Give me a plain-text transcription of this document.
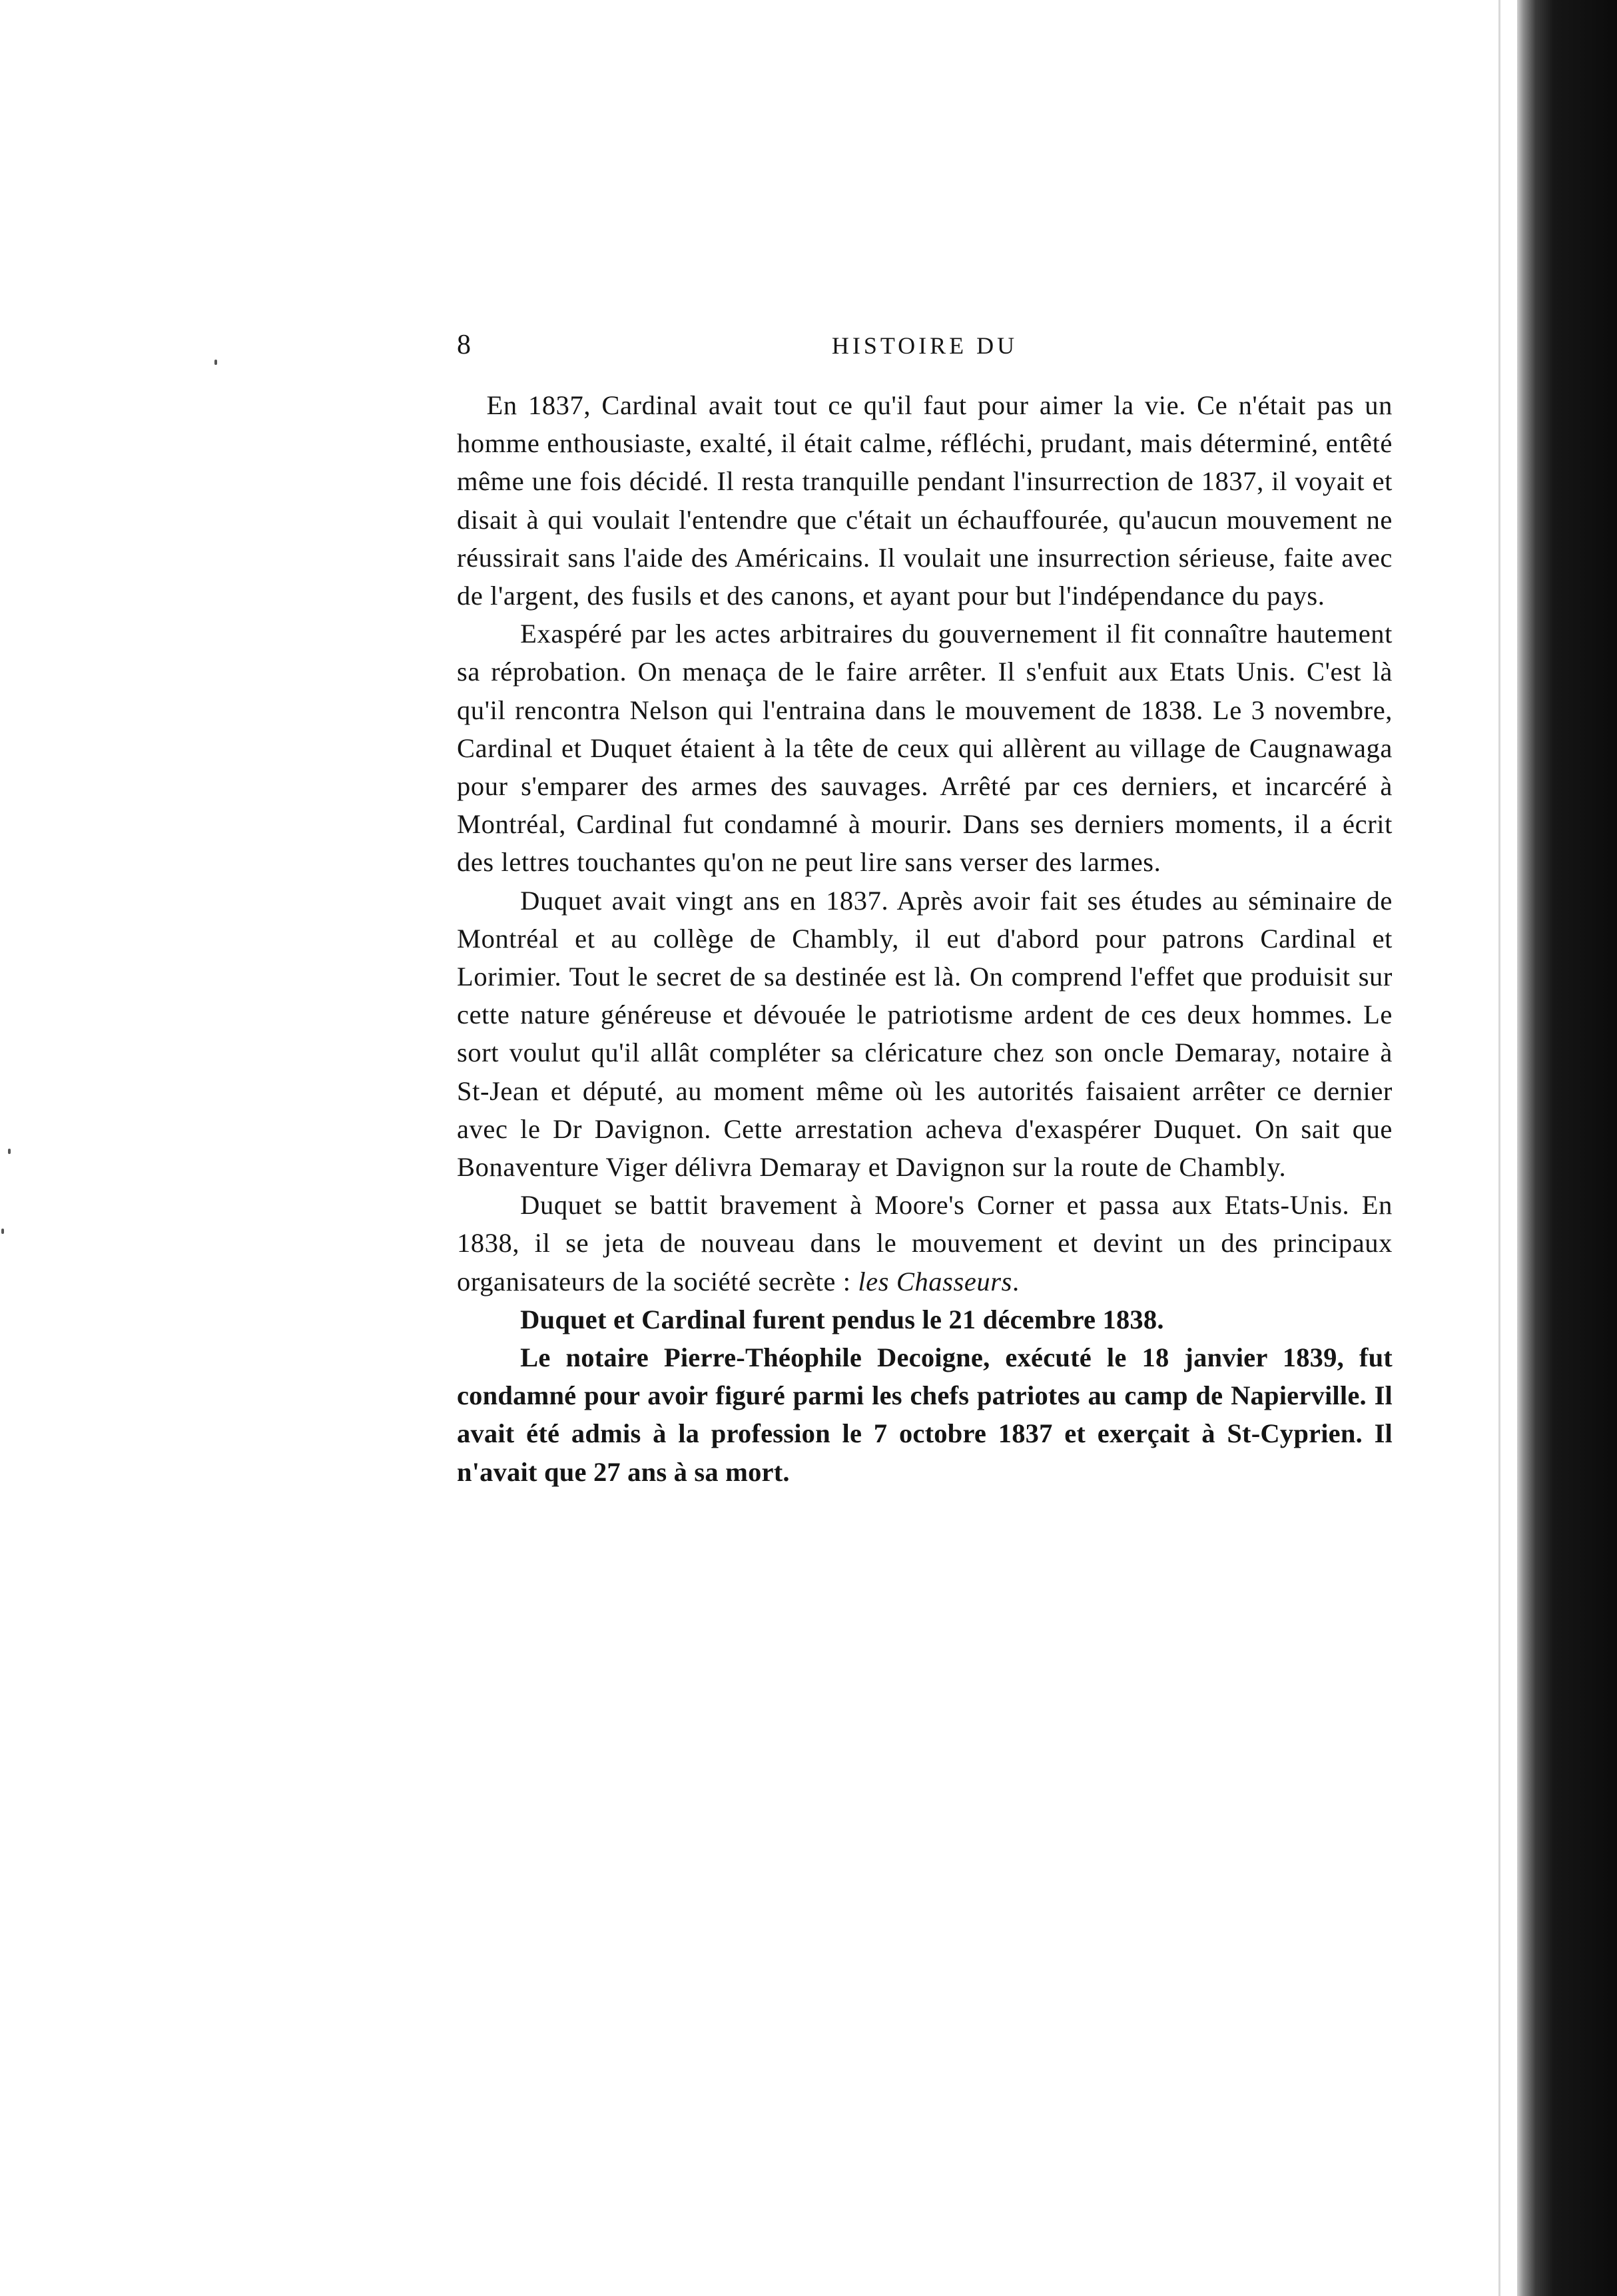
8	HISTOIRE DU

En 1837, Cardinal avait tout ce qu'il faut pour aimer la vie. Ce n'était pas un homme enthousiaste, exalté, il était calme, réfléchi, prudant, mais déterminé, entêté même une fois décidé. Il resta tranquille pendant l'insurrection de 1837, il voyait et disait à qui voulait l'entendre que c'était un échauffourée, qu'aucun mouvement ne réussirait sans l'aide des Américains. Il voulait une insurrection sérieuse, faite avec de l'argent, des fusils et des canons, et ayant pour but l'indépendance du pays.

Exaspéré par les actes arbitraires du gouvernement il fit connaître hautement sa réprobation. On menaça de le faire arrêter. Il s'enfuit aux Etats Unis. C'est là qu'il rencontra Nelson qui l'entraina dans le mouvement de 1838. Le 3 novembre, Cardinal et Duquet étaient à la tête de ceux qui allèrent au village de Caugnawaga pour s'emparer des armes des sauvages. Arrêté par ces derniers, et incarcéré à Montréal, Cardinal fut condamné à mourir. Dans ses derniers moments, il a écrit des lettres touchantes qu'on ne peut lire sans verser des larmes.

Duquet avait vingt ans en 1837. Après avoir fait ses études au séminaire de Montréal et au collège de Chambly, il eut d'abord pour patrons Cardinal et Lorimier. Tout le secret de sa destinée est là. On comprend l'effet que produisit sur cette nature généreuse et dévouée le patriotisme ardent de ces deux hommes. Le sort voulut qu'il allât compléter sa cléricature chez son oncle Demaray, notaire à St-Jean et député, au moment même où les autorités faisaient arrêter ce dernier avec le Dr Davignon. Cette arrestation acheva d'exaspérer Duquet. On sait que Bonaventure Viger délivra Demaray et Davignon sur la route de Chambly.

Duquet se battit bravement à Moore's Corner et passa aux Etats-Unis. En 1838, il se jeta de nouveau dans le mouvement et devint un des principaux organisateurs de la société secrète : les Chasseurs.

Duquet et Cardinal furent pendus le 21 décembre 1838.

Le notaire Pierre-Théophile Decoigne, exécuté le 18 janvier 1839, fut condamné pour avoir figuré parmi les chefs patriotes au camp de Napierville. Il avait été admis à la profession le 7 octobre 1837 et exerçait à St-Cyprien. Il n'avait que 27 ans à sa mort.
